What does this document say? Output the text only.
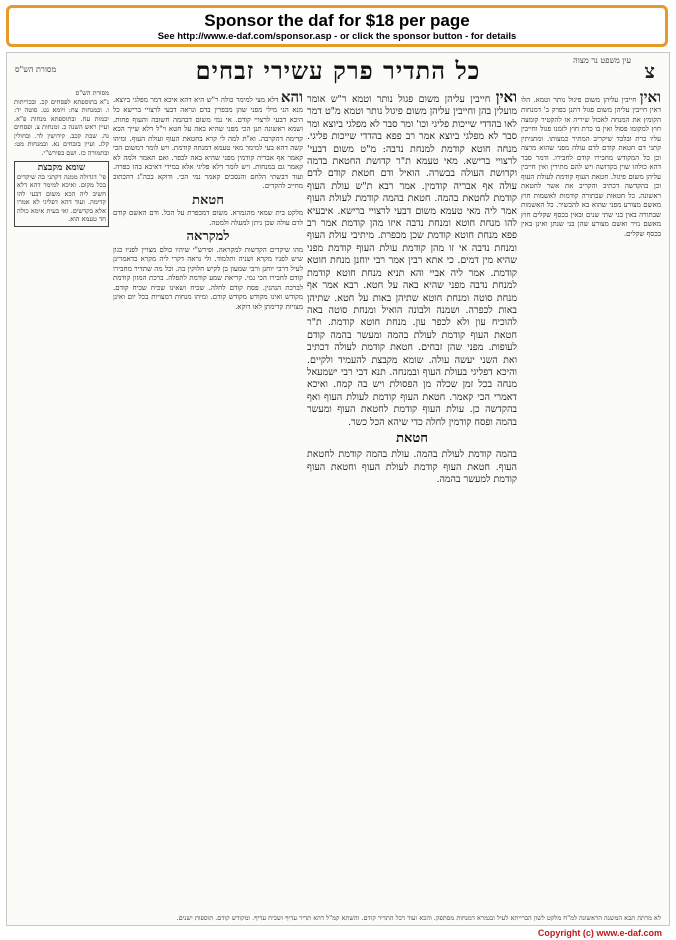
Sponsor the daf for $18 per page
See http://www.e-daf.com/sponsor.asp - or click the sponsor button - for details
צ
עין משפט נר מצוה
כל התדיר פרק עשירי זבחים
מסורת הש"ס
ואין חייבין עליהן משום פיגול נותר וטמא. הלו דאין חייבין עליהן משום פגול דתנן בפרק ב' דמנחות הקומץ את המנחה לאכול שיריה או להקטיר קומצה חוץ למקומו פסול ואין בו כרת חוץ לזמנו פגול וחייבין עליו כרת ובלבד שיקריב המתיר כמצותו. ומתניתין קתני דם חטאת קודם לדם עולה מפני שהוא מרצה וכן כל המקודש מחבירו קודם לחבירו. ודמר סבר דהא כולהו שוין בקדושה ויש להם מתירין ואין חייבין עליהן משום פיגול. חטאת העוף קודמת לעולת העוף וכן בהקדשה דכתיב והקריב את אשר לחטאת ראשונה. כל חטאות שבתורה קודמות לאשמות חוץ מאשם מצורע מפני שהוא בא להכשיר. כל האשמות שבתורה באין בני שתי שנים ובאין בכסף שקלים חוץ מאשם נזיר ואשם מצורע שהן בני שנתן ואינן באין בכסף שקלים.
ואין חייבין עליהן משום פגול נותר וטמא ר"ש אומר מועלין בהן וחייבין עליהן משום פיגול נותר וטמא מ"ט דמר לאו בהדדי שייכות פליגי וכו' ומר סבר לא מפלגי ביוצא ומר סבר לא מפלגי ביוצא אמר רב פפא בהדדי שייכות פליגי. מנחה חוטא קודמת למנחת נדבה: מ"ט משום דבעי' לרצויי ברישא. מאי טעמא ת"ר קדושת החטאת בדמה וקדושת העולה בבשרה. הואיל ודם חטאת קודם לדם עולה אף אבריה קודמין. אמר רבא ת"ש עולת העוף קודמת לחטאת בהמה. חטאת בהמה קודמת לעולת העוף אמר ליה מאי טעמא משום דבעי לרצויי ברישא. איבעיא להו מנחת חוטא ומנחת נדבה איזו מהן קודמת אמר רב פפא מנחת חוטא קודמת שכן מכפרת. מיתיבי עולת העוף ומנחת נדבה אי זו מהן קודמת עולת העוף קודמת מפני שהיא מין דמים. כי אתא רבין אמר רבי יוחנן מנחת חוטא קודמת. אמר ליה אביי והא תניא מנחת חוטא קודמת למנחת נדבה מפני שהיא באה על חטא. רבא אמר אף מנחת סוטה ומנחת חוטא שתיהן באות על חטא. שתיהן באות לכפרה. ושמנה ולבונה הואיל ומנחת סוטה באה להוכיח עון ולא לכפר עון. מנחת חוטא קודמת. ת"ר חטאת העוף קודמת לעולת בהמה ומעשר בהמה קודם לעופות. מפני שהן זבחים. חטאת קודמת לעולה דכתיב ואת השני יעשה עולה. שומא מקבצת להעמיד ולקיים. והיכא דפליגי בעולת העוף ובמנחה. תנא דבי רבי ישמעאל מנחה בכל זמן שכלה מן הפסולת ויש בה קמח. ואיכא דאמרי הכי קאמר. חטאת העוף קודמת לעולת העוף ואף בהקדשה כן. עולת העוף קודמת לחטאת העוף ומעשר בהמה ופסח קודמין לחלה כדי שיהא הכל כשר.
חטאת
בהמה קודמת לעולת בהמה. עולת בהמה קודמת לחטאת העוף. חטאת העוף קודמת לעולת העוף וחטאת העוף קודמת למעשר בהמה.
והא דלא מצי למימר כולה ר"ש היא דהא איכא דמר מפלגי ביוצא. מנא הני מילי מפני שהן מכפרין בדם ונראה דבעי לרצויי ברישא כל היכא דבעי לרצויי קודם. אי נמי משום דבהמה חשובה והעוף פחות. ושמא ראשונה תנן הכי מפני שהיא באה על חטא וי"ל דלא שייך הכא קדימה דהקרבה. וא"ת למה לי קרא בחטאת העוף ועולת העוף. ומיהו קשה דהא בעי למימר מאי טעמא דמנחה קודמת. ויש לומר דמשום הכי קאמר אף אבריה קודמין מפני שהיא באה לכפר. ואם תאמר ולמה לא קאמר גם במנחות. ויש לומר דלא פליגי אלא במידי דאיכא בהו כפרה. ועוד דבשתי הלחם והנסכים קאמר נמי הכי. ודוקא בכה"ג דהכתוב מחייב להקדים.
חטאת
מלקט בית שמאי מהגמרא. משום דמכפרת על הכל. ודם האשם קודם לדם עולה שכן ניתן למעלה ולמטה.
למקראה
מהו שיקדים הקדשות למקראה. ופירש"י שיהיו כולם מצויין לפניו כגון שיש לפניו מקרא ושניה ותלמוד. ולי נראה דקרי ליה מקרא כדאמרינן לעיל דרבי יוחנן ורבי שמעון בן לקיש חלוקין בה. וכל מה שתדיר מחבירו קודם לחבירו הכי נמי. קריאת שמע קודמת לתפלה. ברכת המזון קודמת לברכת הנהנין. פסח קודם לחלה. שכיח ושאינו שכיח שכיח קודם. מקודש ואינו מקודש מקודש קודם. ומיהו מנחות דמצויות בכל יום ואינן מצויות קדימתן לאו דוקא.
מסורת הש"ס
נ"א בתוספתא לפסחים קכ. ובכריתות ו. ובמנחות צח: ויומא נט. סוטה יד: יבמות עח. ובתוספתא מנחות פ"א. ועיין ראש השנה כ. ומנחות צ. ופסחים נה. שבת קכב. קידושין לד. ובחולין קלג. ועיין בזבחים נא. ובמנחות מט: ובתמורה כז. ושם בפירש"י.
שומא מקבצת
פי' דגדולה ממנה דקתני בה שיקדים בכל מקום. ואיכא למימר דהא דלא חשיב ליה הכא משום דבעי להו קדימה. ועוד דהא דפליגי לא אמרו אלא בקדשים. ואי בעית אימא כולה חד טעמא הוא.
לא מרתה תבא המשנה הראשונה למ"ח מלקט לשון הברייתא לעיל ובגמרא דמנחות מסתפק. והכא ועוד דכל התדיר קודם. והשתא קמ"ל דהא תדיר עדיף ושכיח עדיף. ומקודש קודם. תוספות ישנים.
Copyright (c) www.e-daf.com
